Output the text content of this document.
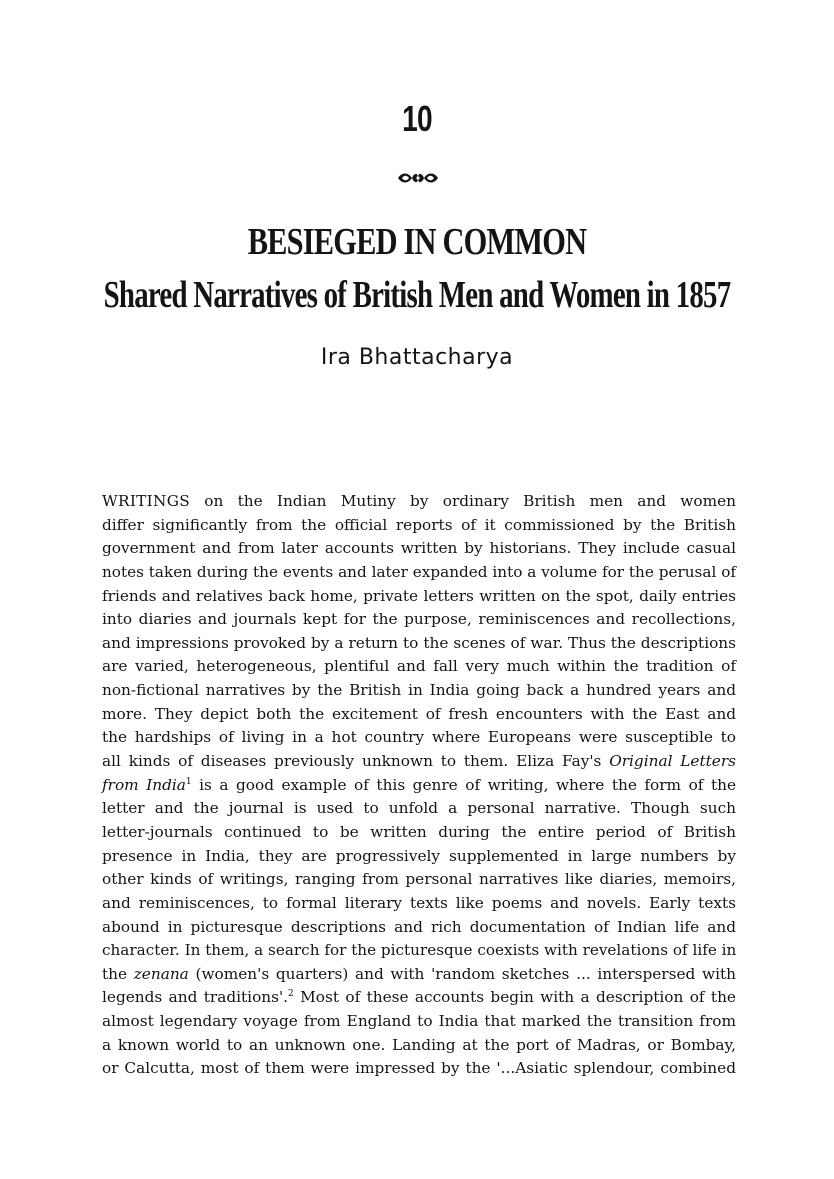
10
BESIEGED IN COMMON
Shared Narratives of British Men and Women in 1857
Ira Bhattacharya
WRITINGS on the Indian Mutiny by ordinary British men and women
differ significantly from the official reports of it commissioned by the British
government and from later accounts written by historians. They include casual
notes taken during the events and later expanded into a volume for the perusal of
friends and relatives back home, private letters written on the spot, daily entries
into diaries and journals kept for the purpose, reminiscences and recollections,
and impressions provoked by a return to the scenes of war. Thus the descriptions
are varied, heterogeneous, plentiful and fall very much within the tradition of
non-fictional narratives by the British in India going back a hundred years and
more. They depict both the excitement of fresh encounters with the East and
the hardships of living in a hot country where Europeans were susceptible to
all kinds of diseases previously unknown to them. Eliza Fay's Original Letters
from India$^1$ is a good example of this genre of writing, where the form of the
letter and the journal is used to unfold a personal narrative. Though such
letter-journals continued to be written during the entire period of British
presence in India, they are progressively supplemented in large numbers by
other kinds of writings, ranging from personal narratives like diaries, memoirs,
and reminiscences, to formal literary texts like poems and novels. Early texts
abound in picturesque descriptions and rich documentation of Indian life and
character. In them, a search for the picturesque coexists with revelations of life in
the zenana (women's quarters) and with 'random sketches ... interspersed with
legends and traditions'.$^2$ Most of these accounts begin with a description of the
almost legendary voyage from England to India that marked the transition from
a known world to an unknown one. Landing at the port of Madras, or Bombay,
or Calcutta, most of them were impressed by the '...Asiatic splendour, combined
